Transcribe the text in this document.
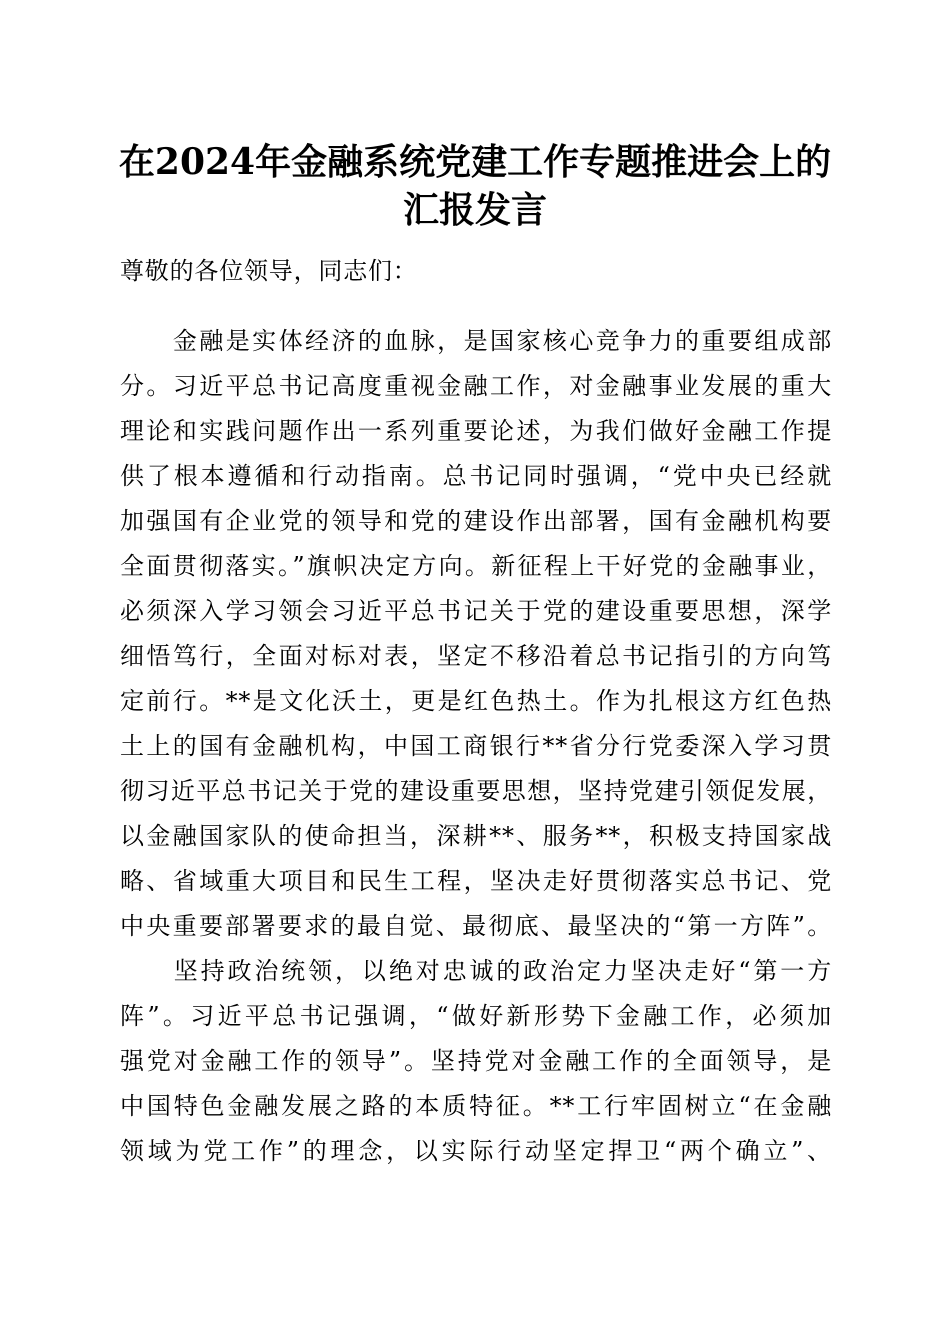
在2024年金融系统党建工作专题推进会上的
汇报发言
尊敬的各位领导，同志们：
　　金融是实体经济的血脉，是国家核心竞争力的重要组成部
分。习近平总书记高度重视金融工作，对金融事业发展的重大
理论和实践问题作出一系列重要论述，为我们做好金融工作提
供了根本遵循和行动指南。总书记同时强调，“党中央已经就
加强国有企业党的领导和党的建设作出部署，国有金融机构要
全面贯彻落实。”旗帜决定方向。新征程上干好党的金融事业，
必须深入学习领会习近平总书记关于党的建设重要思想，深学
细悟笃行，全面对标对表，坚定不移沿着总书记指引的方向笃
定前行。**是文化沃土，更是红色热土。作为扎根这方红色热
土上的国有金融机构，中国工商银行**省分行党委深入学习贯
彻习近平总书记关于党的建设重要思想，坚持党建引领促发展，
以金融国家队的使命担当，深耕**、服务**，积极支持国家战
略、省域重大项目和民生工程，坚决走好贯彻落实总书记、党
中央重要部署要求的最自觉、最彻底、最坚决的“第一方阵”。
　　坚持政治统领，以绝对忠诚的政治定力坚决走好“第一方
阵”。习近平总书记强调，“做好新形势下金融工作，必须加
强党对金融工作的领导”。坚持党对金融工作的全面领导，是
中国特色金融发展之路的本质特征。**工行牢固树立“在金融
领域为党工作”的理念，以实际行动坚定捍卫“两个确立”、
